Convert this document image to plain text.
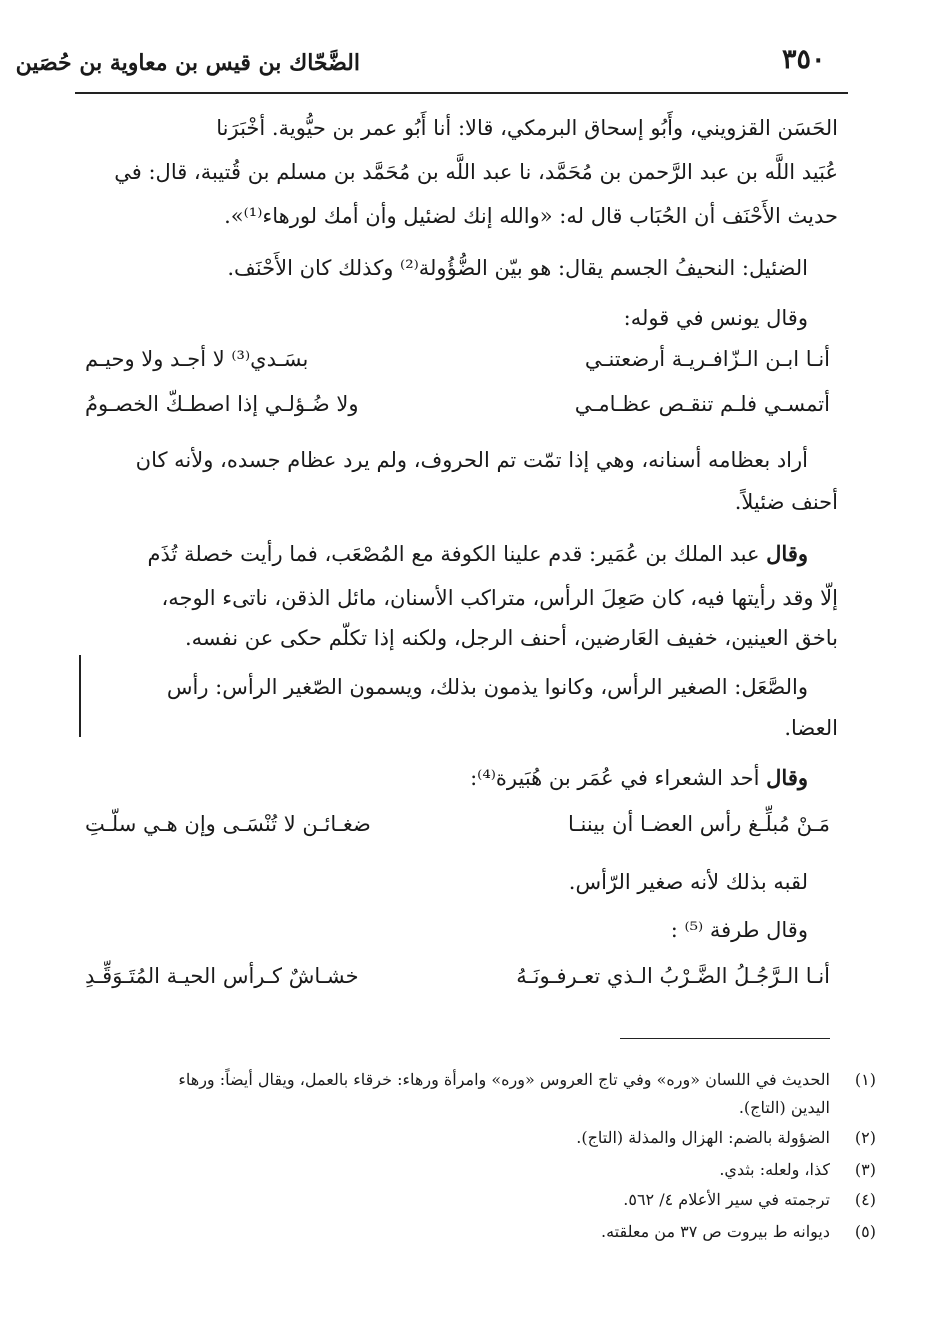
٣٥٠
الضَّحّاك بن قيس بن معاوية بن حُصَين
الحَسَن القزويني، وأَبُو إسحاق البرمكي، قالا: أنا أَبُو عمر بن حيُّوية. أخْبَرَنا
عُبَيد اللَّه بن عبد الرَّحمن بن مُحَمَّد، نا عبد اللَّه بن مُحَمَّد بن مسلم بن قُتيبة، قال: في
حديث الأَحْنَف أن الحُبَاب قال له: «والله إنك لضئيل وأن أمك لورهاء⁽¹⁾».
الضئيل: النحيفُ الجسم يقال: هو بيّن الضُّؤُولة⁽²⁾ وكذلك كان الأَحْنَف.
وقال يونس في قوله:
أنـا ابـن الـزّافـريـة أرضعتنـي
بسَـدي⁽³⁾ لا أجـد ولا وحيـم
أتمسـي فلـم تنقـص عظـامـي
ولا ضُـؤلـي إذا اصطـكّ الخصـومُ
أراد بعظامه أسنانه، وهي إذا تمّت تم الحروف، ولم يرد عظام جسده، ولأنه كان
أحنف ضئيلاً.
وقال عبد الملك بن عُمَير: قدم علينا الكوفة مع المُصْعَب، فما رأيت خصلة تُذَم
إلّا وقد رأيتها فيه، كان صَعِلَ الرأس، متراكب الأسنان، مائل الذقن، ناتىء الوجه،
باخق العينين، خفيف العَارضين، أحنف الرجل، ولكنه إذا تكلّم حكى عن نفسه.
والصَّعَل: الصغير الرأس، وكانوا يذمون بذلك، ويسمون الصّغير الرأس: رأس
العضا.
وقال أحد الشعراء في عُمَر بن هُبَيرة⁽⁴⁾:
مَـنْ مُبلِّـغ رأس العضـا أن بيننـا
ضغـائـن لا تُنْسَـى وإن هـي سلّـتِ
لقبه بذلك لأنه صغير الرّأس.
وقال طرفة ⁽⁵⁾ :
أنـا الـرَّجُـلُ الضَّـرْبُ الـذي تعـرفـونَـهُ
خشـاشٌ كـرأس الحيـة المُتَـوَقِّـدِ
(١)
الحديث في اللسان «وره» وفي تاج العروس «وره» وامرأة ورهاء: خرقاء بالعمل، ويقال أيضاً: ورهاء
اليدين (التاج).
(٢)
الضؤولة بالضم: الهزال والمذلة (التاج).
(٣)
كذا، ولعله: بثدي.
(٤)
ترجمته في سير الأعلام ٤/ ٥٦٢.
(٥)
ديوانه ط بيروت ص ٣٧ من معلقته.
